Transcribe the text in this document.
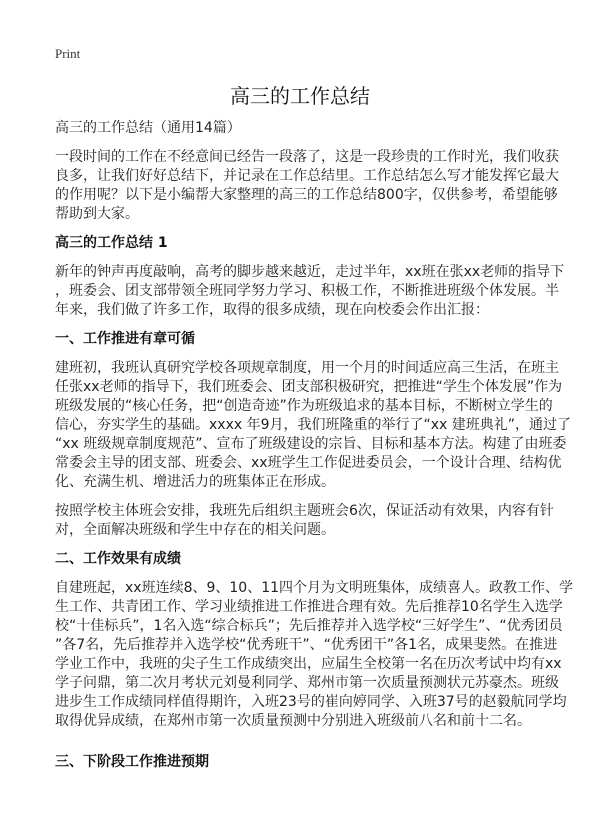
Print
高三的工作总结
高三的工作总结（通用14篇）
一段时间的工作在不经意间已经告一段落了，这是一段珍贵的工作时光，我们收获
良多，让我们好好总结下，并记录在工作总结里。工作总结怎么写才能发挥它最大
的作用呢？以下是小编帮大家整理的高三的工作总结800字，仅供参考，希望能够
帮助到大家。
高三的工作总结 1
新年的钟声再度敲响，高考的脚步越来越近，走过半年，xx班在张xx老师的指导下
，班委会、团支部带领全班同学努力学习、积极工作，不断推进班级个体发展。半
年来，我们做了许多工作，取得的很多成绩，现在向校委会作出汇报：
一、工作推进有章可循
建班初，我班认真研究学校各项规章制度，用一个月的时间适应高三生活，在班主
任张xx老师的指导下，我们班委会、团支部积极研究，把推进“学生个体发展”作为
班级发展的“核心任务，把“创造奇迹”作为班级追求的基本目标，不断树立学生的
信心，夯实学生的基础。xxxx 年9月，我们班隆重的举行了“xx 建班典礼”，通过了
“xx 班级规章制度规范”、宣布了班级建设的宗旨、目标和基本方法。构建了由班委
常委会主导的团支部、班委会、xx班学生工作促进委员会，一个设计合理、结构优
化、充满生机、增进活力的班集体正在形成。
按照学校主体班会安排，我班先后组织主题班会6次，保证活动有效果，内容有针
对，全面解决班级和学生中存在的相关问题。
二、工作效果有成绩
自建班起，xx班连续8、9、10、11四个月为文明班集体，成绩喜人。政教工作、学
生工作、共青团工作、学习业绩推进工作推进合理有效。先后推荐10名学生入选学
校“十佳标兵”，1名入选“综合标兵”；先后推荐并入选学校“三好学生”、“优秀团员
”各7名，先后推荐并入选学校“优秀班干”、“优秀团干”各1名，成果斐然。在推进
学业工作中，我班的尖子生工作成绩突出，应届生全校第一名在历次考试中均有xx
学子问鼎，第二次月考状元刘曼利同学、郑州市第一次质量预测状元苏豪杰。班级
进步生工作成绩同样值得期许，入班23号的崔向婷同学、入班37号的赵毅航同学均
取得优异成绩，在郑州市第一次质量预测中分别进入班级前八名和前十二名。
三、下阶段工作推进预期
